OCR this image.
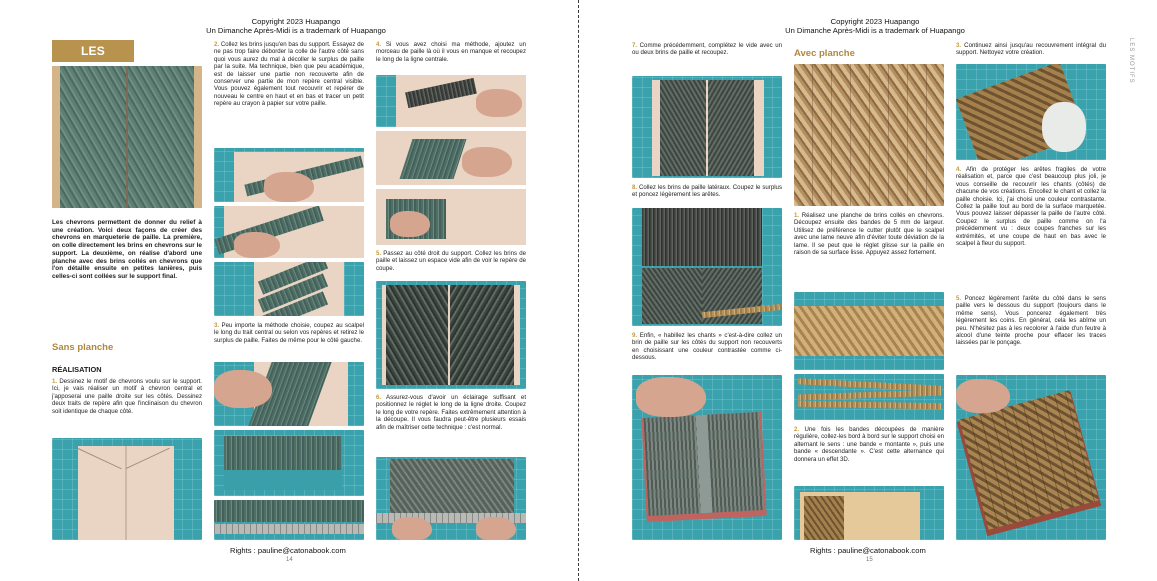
Copyright 2023 Huapango
Un Dimanche Après-Midi is a trademark of Huapango
LES
Les chevrons permettent de donner du relief à une création. Voici deux façons de créer des chevrons en marqueterie de paille. La première, on colle directement les brins en chevrons sur le support. La deuxième, on réalise d'abord une planche avec des brins collés en chevrons que l'on détaille ensuite en petites lanières, puis celles-ci sont collées sur le support final.
Sans planche
RÉALISATION
1. Dessinez le motif de chevrons voulu sur le support. Ici, je vais réaliser un motif à chevron central et j'apposerai une paille droite sur les côtés. Dessinez deux traits de repère afin que l'inclinaison du chevron soit identique de chaque côté.
2. Collez les brins jusqu'en bas du support. Essayez de ne pas trop faire déborder la colle de l'autre côté sans quoi vous aurez du mal à décoller le surplus de paille par la suite. Ma technique, bien que peu académique, est de laisser une partie non recouverte afin de conserver une partie de mon repère central visible. Vous pouvez également tout recouvrir et repérer de nouveau le centre en haut et en bas et tracer un petit repère au crayon à papier sur votre paille.
3. Peu importe la méthode choisie, coupez au scalpel le long du trait central ou selon vos repères et retirez le surplus de paille. Faites de même pour le côté gauche.
4. Si vous avez choisi ma méthode, ajoutez un morceau de paille là où il vous en manque et recoupez le long de la ligne centrale.
5. Passez au côté droit du support. Collez les brins de paille et laissez un espace vide afin de voir le repère de coupe.
6. Assurez-vous d'avoir un éclairage suffisant et positionnez le réglet le long de la ligne droite. Coupez le long de votre repère. Faites extrêmement attention à la découpe. Il vous faudra peut-être plusieurs essais afin de maîtriser cette technique : c'est normal.
Rights : pauline@catonabook.com
14
Copyright 2023 Huapango
Un Dimanche Après-Midi is a trademark of Huapango
LES MOTIFS
7. Comme précédemment, complétez le vide avec un ou deux brins de paille et recoupez.
8. Collez les brins de paille latéraux. Coupez le surplus et poncez légèrement les arêtes.
9. Enfin, « habillez les chants » c'est-à-dire collez un brin de paille sur les côtés du support non recouverts en choisissant une couleur contrastée comme ci-dessous.
Avec planche
1. Réalisez une planche de brins collés en chevrons. Découpez ensuite des bandes de 5 mm de largeur. Utilisez de préférence le cutter plutôt que le scalpel avec une lame neuve afin d'éviter toute déviation de la lame. Il se peut que le réglet glisse sur la paille en raison de sa surface lisse. Appuyez assez fortement.
2. Une fois les bandes découpées de manière régulière, collez-les bord à bord sur le support choisi en alternant le sens : une bande « montante », puis une bande « descendante ». C'est cette alternance qui donnera un effet 3D.
3. Continuez ainsi jusqu'au recouvrement intégral du support. Nettoyez votre création.
4. Afin de protéger les arêtes fragiles de votre réalisation et, parce que c'est beaucoup plus joli, je vous conseille de recouvrir les chants (côtés) de chacune de vos créations. Encollez le chant et collez la paille choisie. Ici, j'ai choisi une couleur contrastante. Collez la paille tout au bord de la surface marquetée. Vous pouvez laisser dépasser la paille de l'autre côté. Coupez le surplus de paille comme on l'a précédemment vu : deux coupes franches sur les extrémités, et une coupe de haut en bas avec le scalpel à fleur du support.
5. Poncez légèrement l'arête du côté dans le sens paille vers le dessous du support (toujours dans le même sens). Vous poncerez également très légèrement les coins. En général, cela les abîme un peu. N'hésitez pas à les recolorer à l'aide d'un feutre à alcool d'une teinte proche pour effacer les traces laissées par le ponçage.
Rights : pauline@catonabook.com
15
